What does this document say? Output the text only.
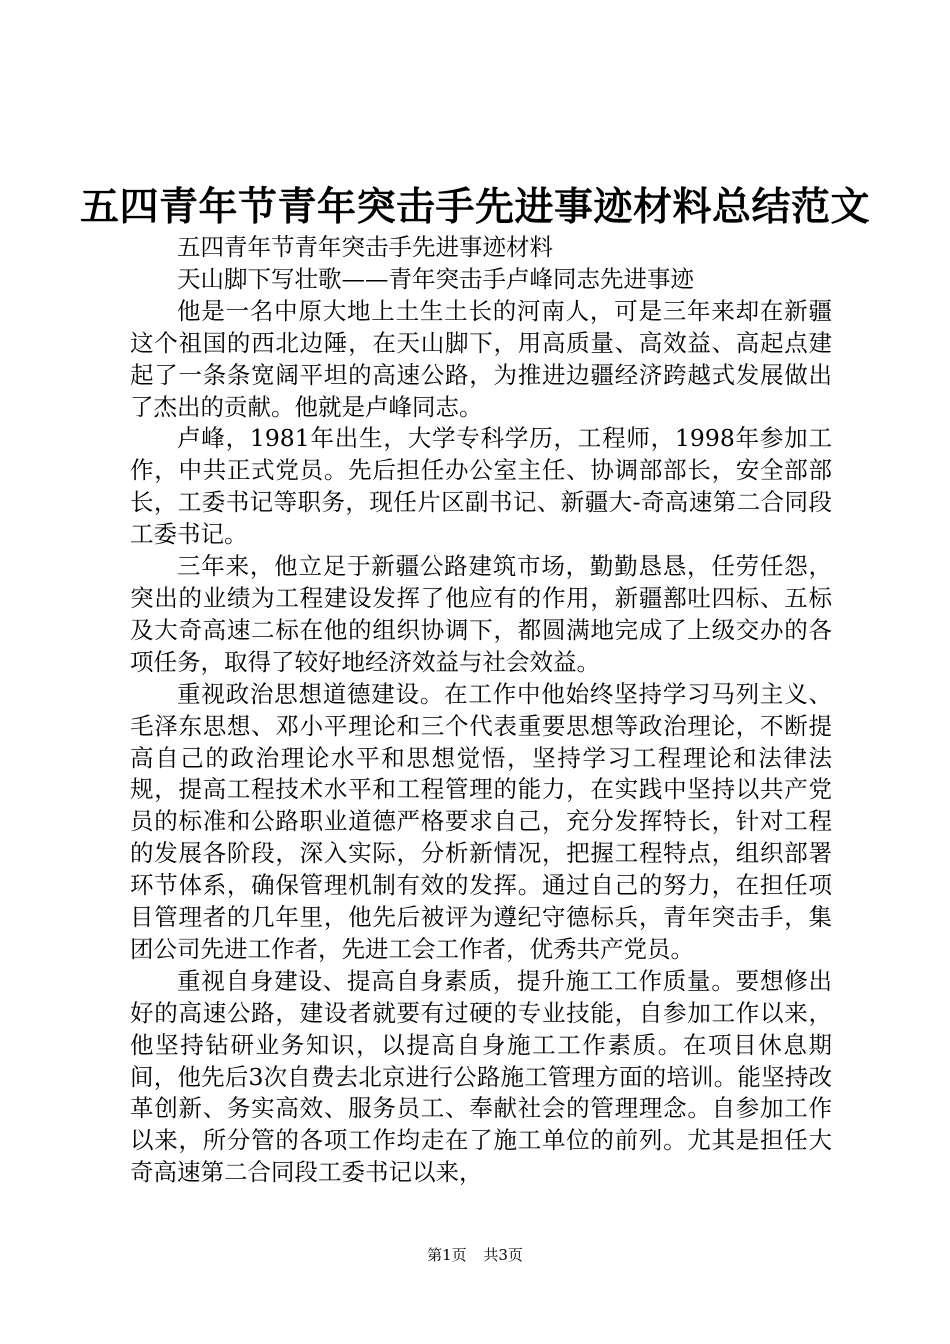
五四青年节青年突击手先进事迹材料总结范文

五四青年节青年突击手先进事迹材料

天山脚下写壮歌——青年突击手卢峰同志先进事迹

他是一名中原大地上土生土长的河南人，可是三年来却在新疆这个祖国的西北边陲，在天山脚下，用高质量、高效益、高起点建起了一条条宽阔平坦的高速公路，为推进边疆经济跨越式发展做出了杰出的贡献。他就是卢峰同志。

卢峰，1981年出生，大学专科学历，工程师，1998年参加工作，中共正式党员。先后担任办公室主任、协调部部长，安全部部长，工委书记等职务，现任片区副书记、新疆大-奇高速第二合同段工委书记。

三年来，他立足于新疆公路建筑市场，勤勤恳恳，任劳任怨，突出的业绩为工程建设发挥了他应有的作用，新疆鄯吐四标、五标及大奇高速二标在他的组织协调下，都圆满地完成了上级交办的各项任务，取得了较好地经济效益与社会效益。

重视政治思想道德建设。在工作中他始终坚持学习马列主义、毛泽东思想、邓小平理论和三个代表重要思想等政治理论，不断提高自己的政治理论水平和思想觉悟，坚持学习工程理论和法律法规，提高工程技术水平和工程管理的能力，在实践中坚持以共产党员的标准和公路职业道德严格要求自己，充分发挥特长，针对工程的发展各阶段，深入实际，分析新情况，把握工程特点，组织部署环节体系，确保管理机制有效的发挥。通过自己的努力，在担任项目管理者的几年里，他先后被评为遵纪守德标兵，青年突击手，集团公司先进工作者，先进工会工作者，优秀共产党员。

重视自身建设、提高自身素质，提升施工工作质量。要想修出好的高速公路，建设者就要有过硬的专业技能，自参加工作以来，他坚持钻研业务知识，以提高自身施工工作素质。在项目休息期间，他先后3次自费去北京进行公路施工管理方面的培训。能坚持改革创新、务实高效、服务员工、奉献社会的管理理念。自参加工作以来，所分管的各项工作均走在了施工单位的前列。尤其是担任大奇高速第二合同段工委书记以来，

第1页 共3页
